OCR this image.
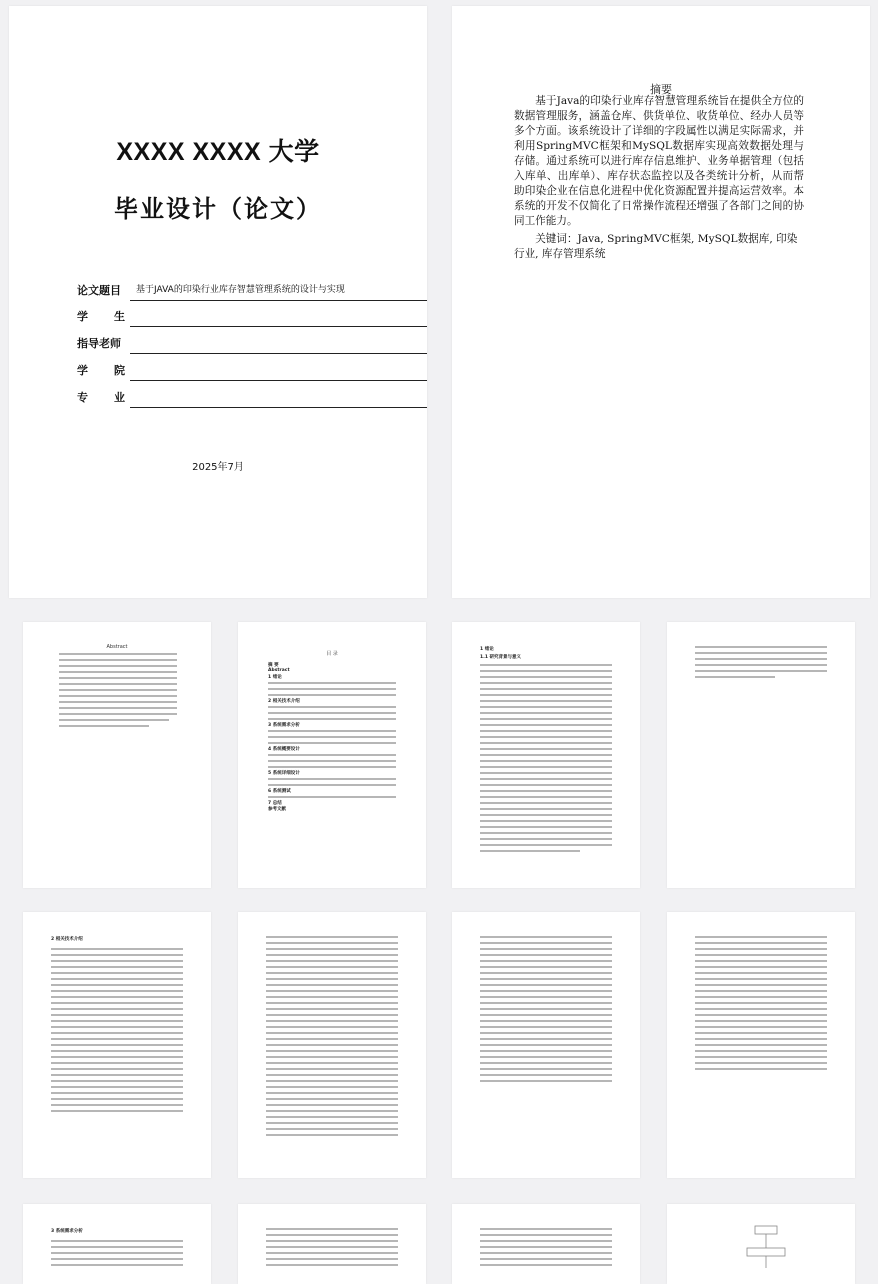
XXXX XXXX 大学
毕业设计（论文）
论文题目	基于JAVA的印染行业库存智慧管理系统的设计与实现
学生
指导老师
学院
专业
2025年7月
摘要
基于Java的印染行业库存智慧管理系统旨在提供全方位的数据管理服务，涵盖仓库、供货单位、收货单位、经办人员等多个方面。该系统设计了详细的字段属性以满足实际需求，并利用SpringMVC框架和MySQL数据库实现高效数据处理与存储。通过系统可以进行库存信息维护、业务单据管理（包括入库单、出库单）、库存状态监控以及各类统计分析，从而帮助印染企业在信息化进程中优化资源配置并提高运营效率。本系统的开发不仅简化了日常操作流程还增强了各部门之间的协同工作能力。
关键词：Java, SpringMVC框架, MySQL数据库, 印染行业, 库存管理系统
Abstract
目 录
摘 要
Abstract
1 绪论
2 相关技术介绍
3 系统需求分析
4 系统概要设计
5 系统详细设计
6 系统测试
7 总结
参考文献
1 绪论
1.1 研究背景与意义
2 相关技术介绍
3 系统需求分析
